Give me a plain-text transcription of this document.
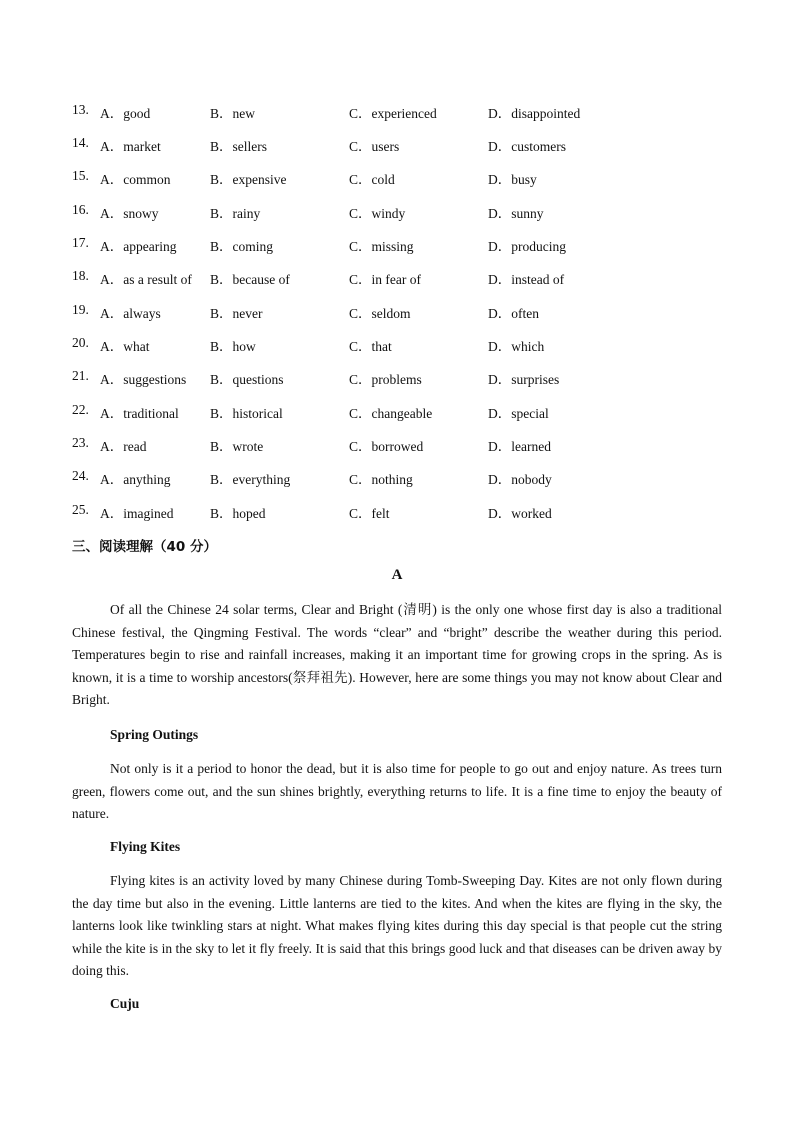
13. A．good	B．new	C．experienced	D．disappointed
14. A．market	B．sellers	C．users	D．customers
15. A．common	B．expensive	C．cold	D．busy
16. A．snowy	B．rainy	C．windy	D．sunny
17. A．appearing B．coming	C．missing	D．producing
18. A．as a result of B．because of	C．in fear of	D．instead of
19. A．always	B．never	C．seldom	D．often
20. A．what	B．how	C．that	D．which
21. A．suggestions B．questions	C．problems	D．surprises
22. A．traditional B．historical	C．changeable	D．special
23. A．read	B．wrote	C．borrowed	D．learned
24. A．anything	B．everything	C．nothing	D．nobody
25. A．imagined	B．hoped	C．felt	D．worked
三、阅读理解（40 分）
A

Of all the Chinese 24 solar terms, Clear and Bright (清明) is the only one whose first day is also a traditional Chinese festival, the Qingming Festival. The words “clear” and “bright” describe the weather during this period. Temperatures begin to rise and rainfall increases, making it an important time for growing crops in the spring. As is known, it is a time to worship ancestors(祭拜祖先). However, here are some things you may not know about Clear and Bright.

Spring Outings

Not only is it a period to honor the dead, but it is also time for people to go out and enjoy nature. As trees turn green, flowers come out, and the sun shines brightly, everything returns to life. It is a fine time to enjoy the beauty of nature.

Flying Kites

Flying kites is an activity loved by many Chinese during Tomb-Sweeping Day. Kites are not only flown during the day time but also in the evening. Little lanterns are tied to the kites. And when the kites are flying in the sky, the lanterns look like twinkling stars at night. What makes flying kites during this day special is that people cut the string while the kite is in the sky to let it fly freely. It is said that this brings good luck and that diseases can be driven away by doing this.

Cuju
